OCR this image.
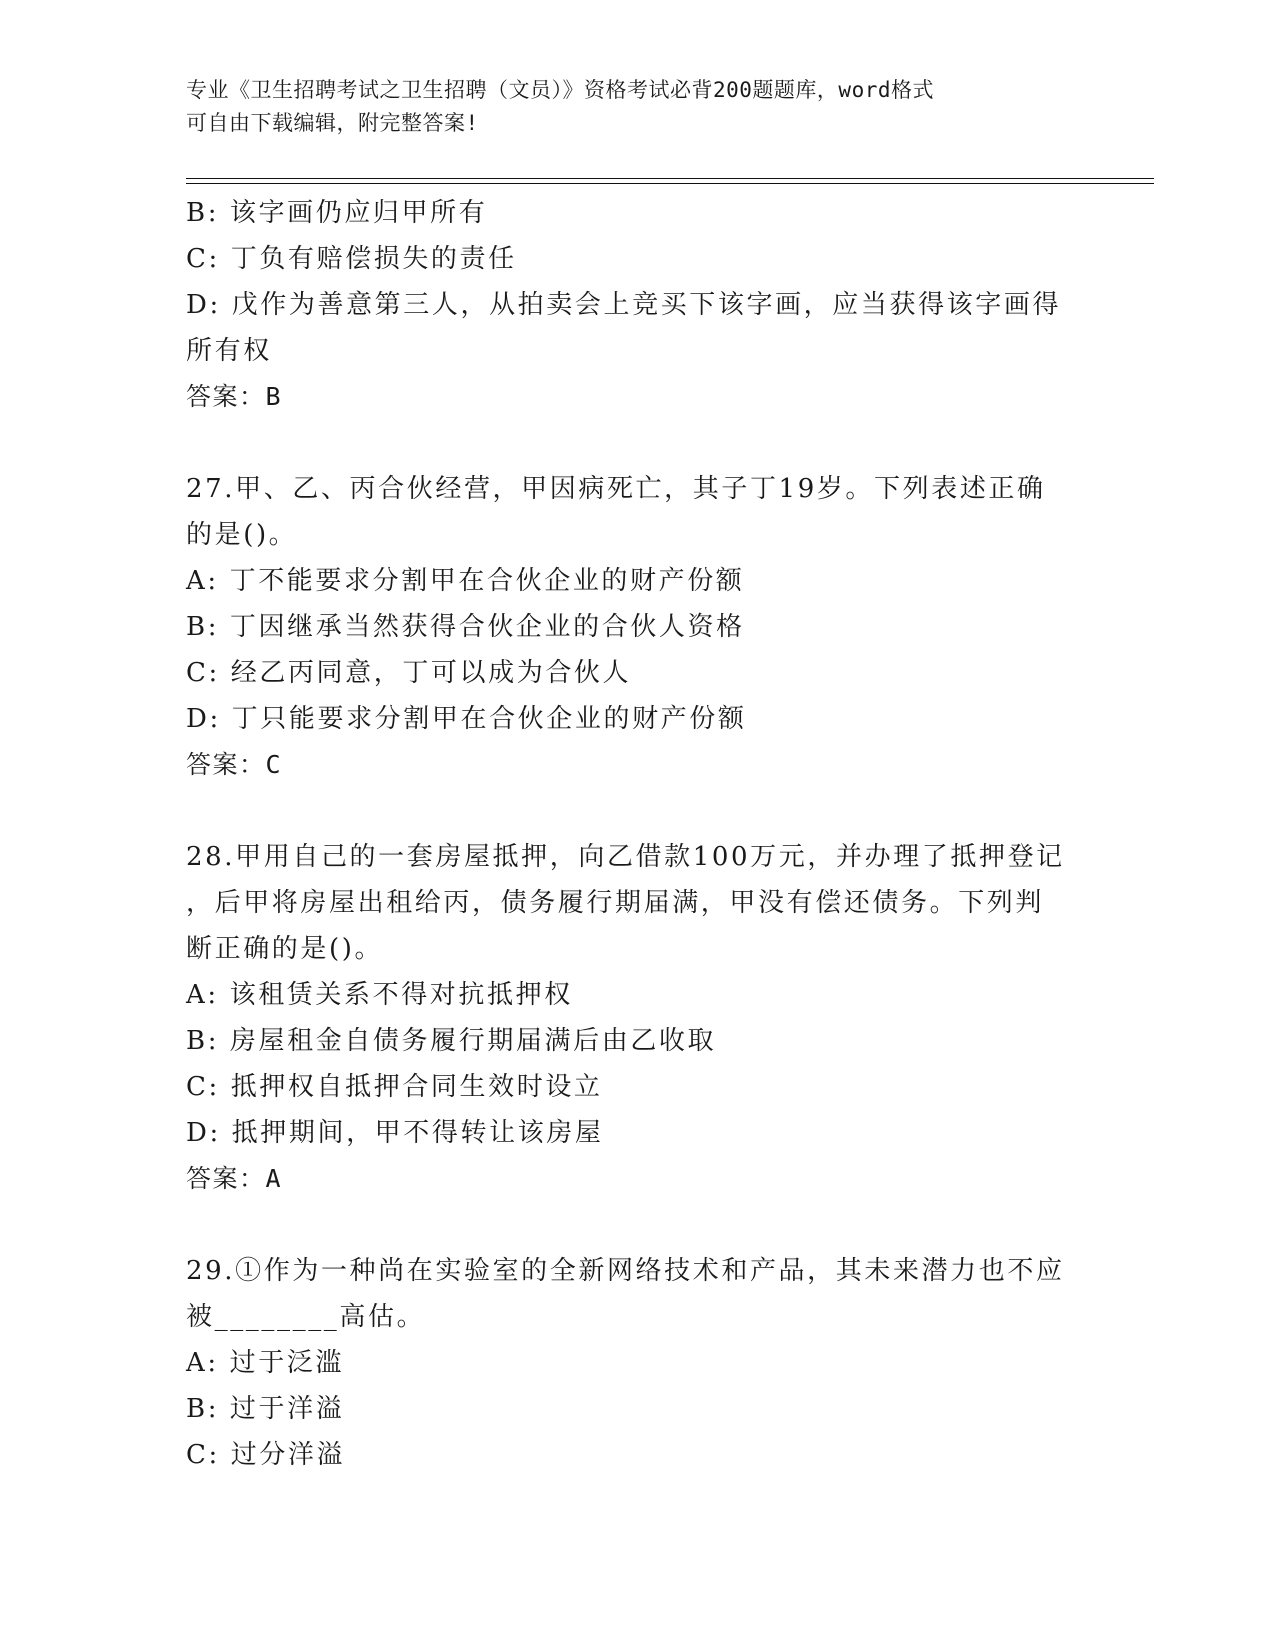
专业《卫生招聘考试之卫生招聘（文员）》资格考试必背200题题库，word格式
可自由下载编辑，附完整答案!
B: 该字画仍应归甲所有
C: 丁负有赔偿损失的责任
D: 戊作为善意第三人，从拍卖会上竞买下该字画，应当获得该字画得
所有权
答案：B
27.甲、乙、丙合伙经营，甲因病死亡，其子丁19岁。下列表述正确
的是()。
A: 丁不能要求分割甲在合伙企业的财产份额
B: 丁因继承当然获得合伙企业的合伙人资格
C: 经乙丙同意，丁可以成为合伙人
D: 丁只能要求分割甲在合伙企业的财产份额
答案：C
28.甲用自己的一套房屋抵押，向乙借款100万元，并办理了抵押登记
，后甲将房屋出租给丙，债务履行期届满，甲没有偿还债务。下列判
断正确的是()。
A: 该租赁关系不得对抗抵押权
B: 房屋租金自债务履行期届满后由乙收取
C: 抵押权自抵押合同生效时设立
D: 抵押期间，甲不得转让该房屋
答案：A
29.①作为一种尚在实验室的全新网络技术和产品，其未来潜力也不应
被________高估。
A: 过于泛滥
B: 过于洋溢
C: 过分洋溢
